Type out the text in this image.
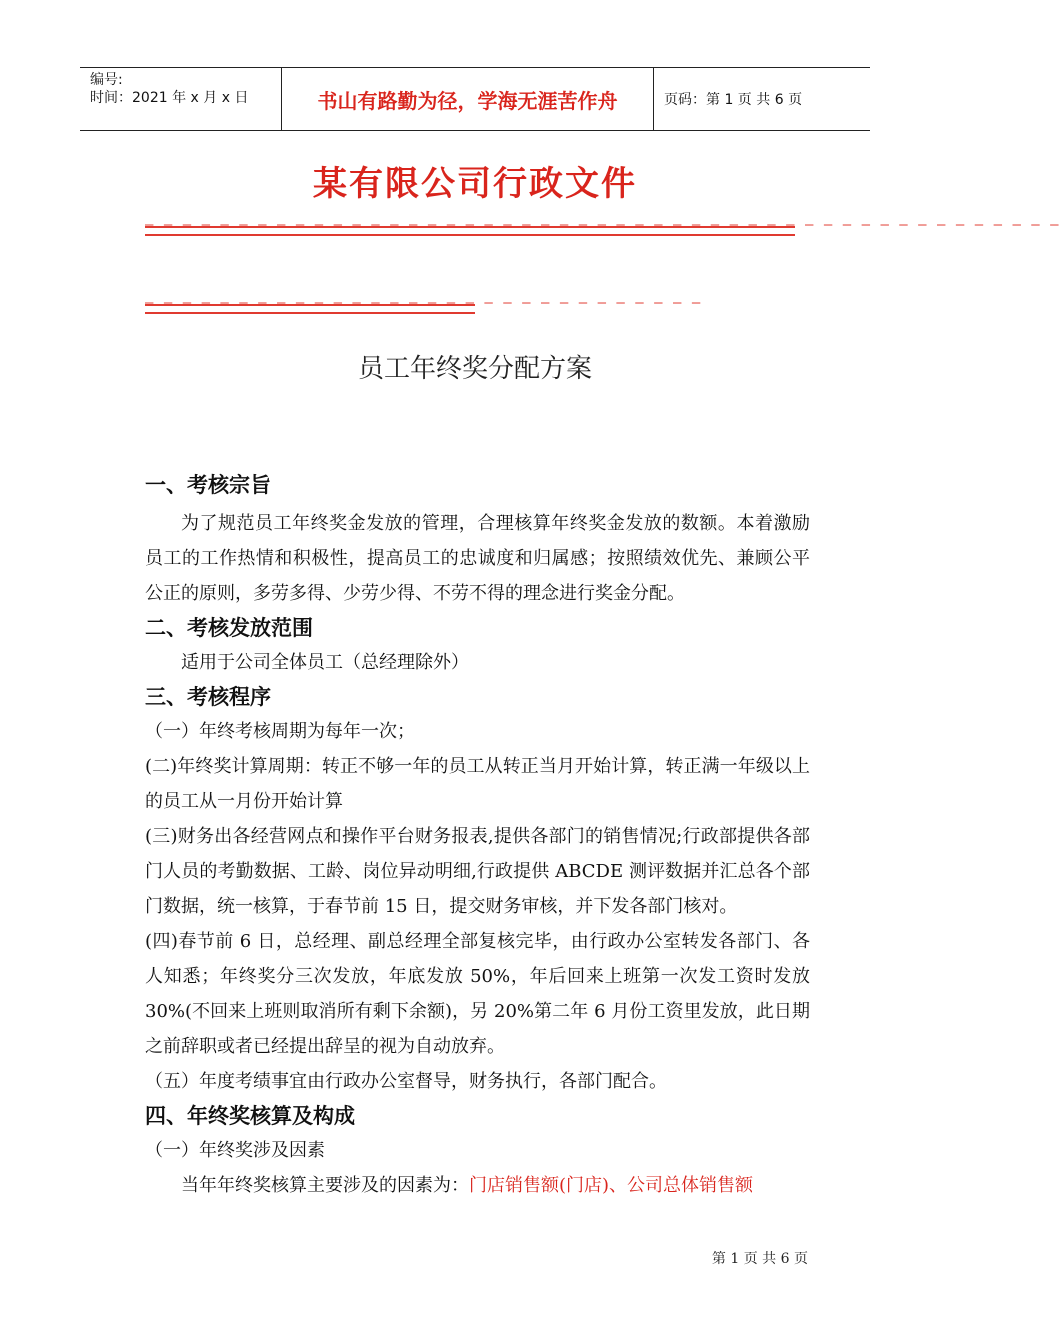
编号:
时间：2021 年 x 月 x 日	书山有路勤为径，学海无涯苦作舟	页码：第 1 页 共 6 页
某有限公司行政文件
– – – – – – – – – – – – – – – – – – – – – – – – – – – – – – – – – – – – – – – – – – – – – – – – –
– – – – – – – – – – – – – – – – – – – – – – – – – – – – – –
员工年终奖分配方案

一、考核宗旨

为了规范员工年终奖金发放的管理，合理核算年终奖金发放的数额。本着激励员工的工作热情和积极性，提高员工的忠诚度和归属感；按照绩效优先、兼顾公平公正的原则，多劳多得、少劳少得、不劳不得的理念进行奖金分配。

二、考核发放范围

适用于公司全体员工（总经理除外）

三、考核程序

（一）年终考核周期为每年一次；

(二)年终奖计算周期：转正不够一年的员工从转正当月开始计算，转正满一年级以上的员工从一月份开始计算

(三)财务出各经营网点和操作平台财务报表,提供各部门的销售情况;行政部提供各部门人员的考勤数据、工龄、岗位异动明细,行政提供 ABCDE 测评数据并汇总各个部门数据，统一核算，于春节前 15 日，提交财务审核，并下发各部门核对。

(四)春节前 6 日，总经理、副总经理全部复核完毕，由行政办公室转发各部门、各人知悉；年终奖分三次发放，年底发放 50%，年后回来上班第一次发工资时发放 30%(不回来上班则取消所有剩下余额)，另 20%第二年 6 月份工资里发放，此日期之前辞职或者已经提出辞呈的视为自动放弃。

（五）年度考绩事宜由行政办公室督导，财务执行，各部门配合。

四、年终奖核算及构成

（一）年终奖涉及因素

当年年终奖核算主要涉及的因素为：门店销售额(门店)、公司总体销售额

第 1 页 共 6 页
